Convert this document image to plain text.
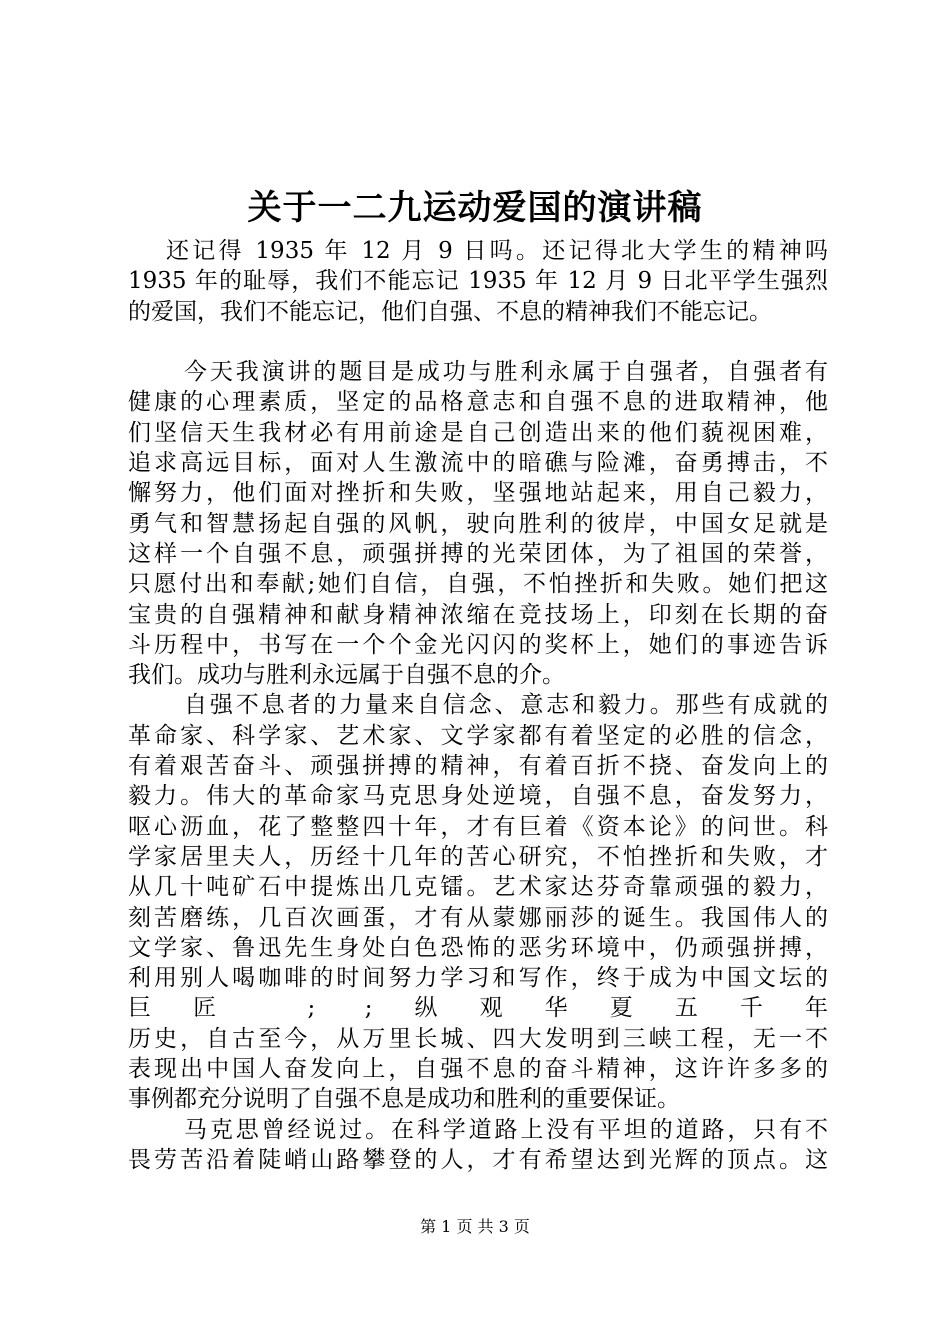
关于一二九运动爱国的演讲稿
还记得 1935 年 12 月 9 日吗。还记得北大学生的精神吗
1935 年的耻辱，我们不能忘记 1935 年 12 月 9 日北平学生强烈
的爱国，我们不能忘记，他们自强、不息的精神我们不能忘记。
今天我演讲的题目是成功与胜利永属于自强者，自强者有
健康的心理素质，坚定的品格意志和自强不息的进取精神，他
们坚信天生我材必有用前途是自己创造出来的他们藐视困难，
追求高远目标，面对人生激流中的暗礁与险滩，奋勇搏击，不
懈努力，他们面对挫折和失败，坚强地站起来，用自己毅力，
勇气和智慧扬起自强的风帆，驶向胜利的彼岸，中国女足就是
这样一个自强不息，顽强拼搏的光荣团体，为了祖国的荣誉，
只愿付出和奉献;她们自信，自强，不怕挫折和失败。她们把这
宝贵的自强精神和献身精神浓缩在竞技场上，印刻在长期的奋
斗历程中，书写在一个个金光闪闪的奖杯上，她们的事迹告诉
我们。成功与胜利永远属于自强不息的介。
自强不息者的力量来自信念、意志和毅力。那些有成就的
革命家、科学家、艺术家、文学家都有着坚定的必胜的信念，
有着艰苦奋斗、顽强拼搏的精神，有着百折不挠、奋发向上的
毅力。伟大的革命家马克思身处逆境，自强不息，奋发努力，
呕心沥血，花了整整四十年，才有巨着《资本论》的问世。科
学家居里夫人，历经十几年的苦心研究，不怕挫折和失败，才
从几十吨矿石中提炼出几克镭。艺术家达芬奇靠顽强的毅力，
刻苦磨练，几百次画蛋，才有从蒙娜丽莎的诞生。我国伟人的
文学家、鲁迅先生身处白色恐怖的恶劣环境中，仍顽强拼搏，
利用别人喝咖啡的时间努力学习和写作，终于成为中国文坛的
巨匠 ; ;纵观华夏五千年
历史，自古至今，从万里长城、四大发明到三峡工程，无一不
表现出中国人奋发向上，自强不息的奋斗精神，这许许多多的
事例都充分说明了自强不息是成功和胜利的重要保证。
马克思曾经说过。在科学道路上没有平坦的道路，只有不
畏劳苦沿着陡峭山路攀登的人，才有希望达到光辉的顶点。这
第 1 页 共 3 页
